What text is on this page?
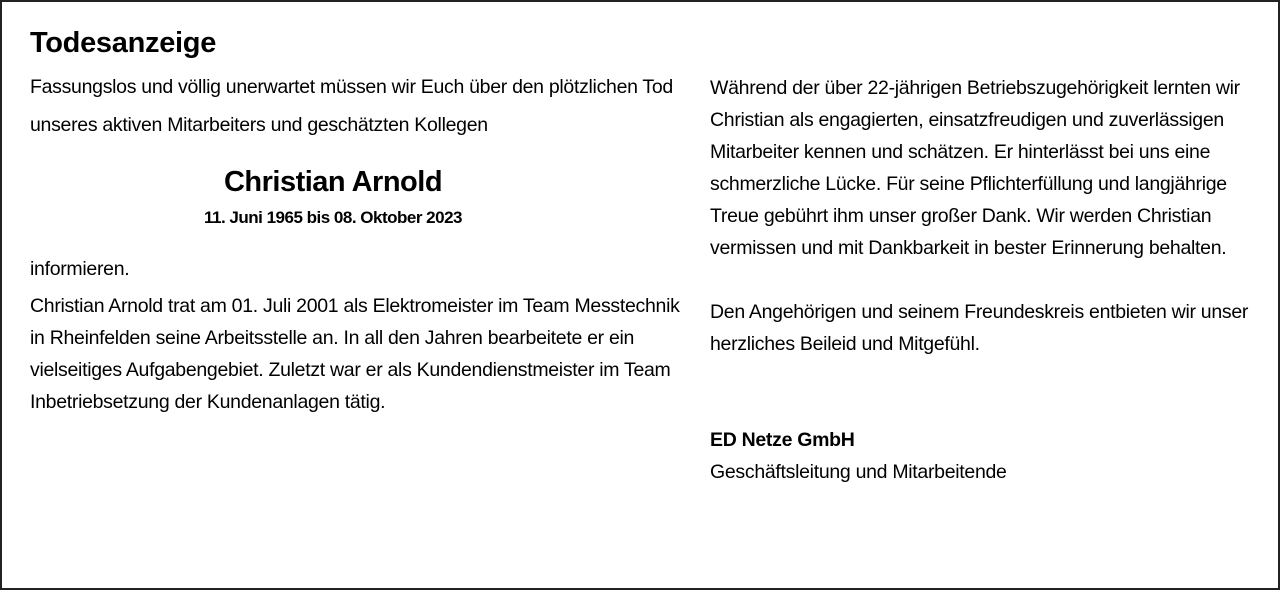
Todesanzeige

Fassungslos und völlig unerwartet müssen wir Euch über den plötzlichen Tod unseres aktiven Mitarbeiters und geschätzten Kollegen

Christian Arnold
11. Juni 1965 bis 08. Oktober 2023

informieren.

Christian Arnold trat am 01. Juli 2001 als Elektromeister im Team Messtechnik in Rheinfelden seine Arbeitsstelle an. In all den Jahren bearbeitete er ein vielseitiges Aufgabengebiet. Zuletzt war er als Kundendienstmeister im Team Inbetriebsetzung der Kundenanlagen tätig.

Während der über 22-jährigen Betriebszugehörigkeit lernten wir Christian als engagierten, einsatzfreudigen und zuverlässigen Mitarbeiter kennen und schätzen. Er hinterlässt bei uns eine schmerzliche Lücke. Für seine Pflichterfüllung und langjährige Treue gebührt ihm unser großer Dank. Wir werden Christian vermissen und mit Dankbarkeit in bester Erinnerung behalten.

Den Angehörigen und seinem Freundeskreis entbieten wir unser herzliches Beileid und Mitgefühl.

ED Netze GmbH

Geschäftsleitung und Mitarbeitende
